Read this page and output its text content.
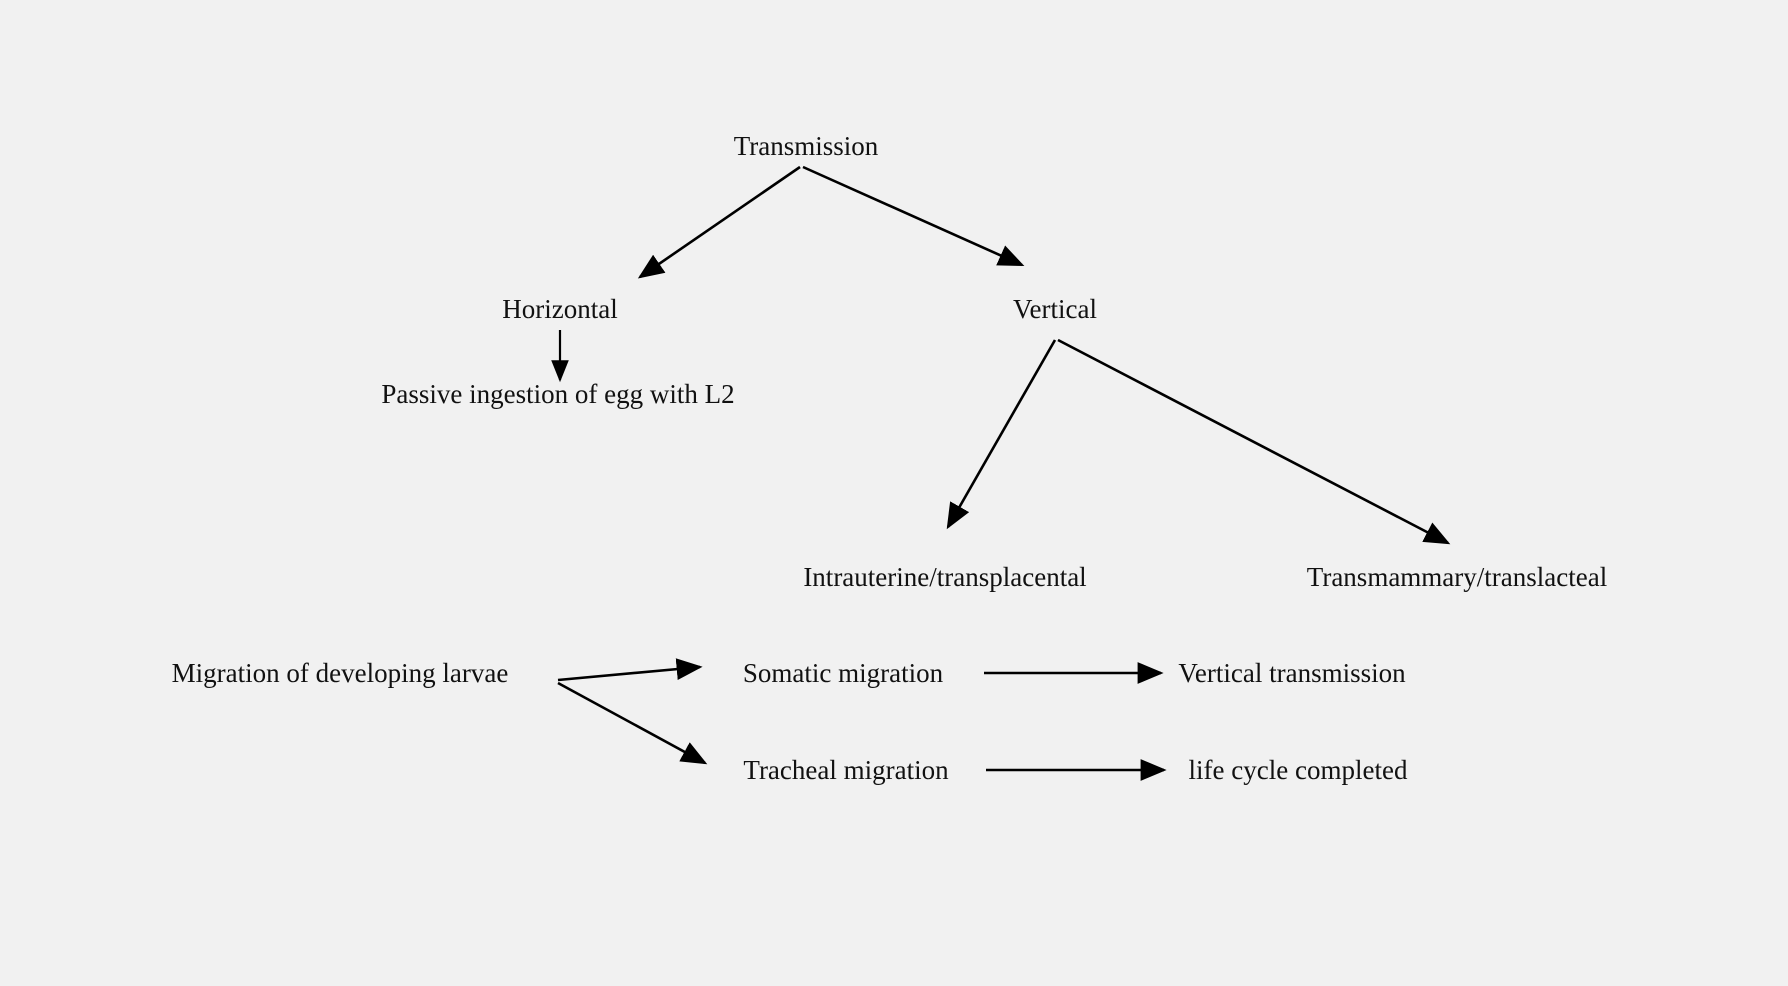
Transmission
Horizontal	Vertical
Passive ingestion of egg with L2
Intrauterine/transplacental	Transmammary/translacteal
Migration of developing larvae	Somatic migration	Vertical transmission
Tracheal migration	life cycle completed
